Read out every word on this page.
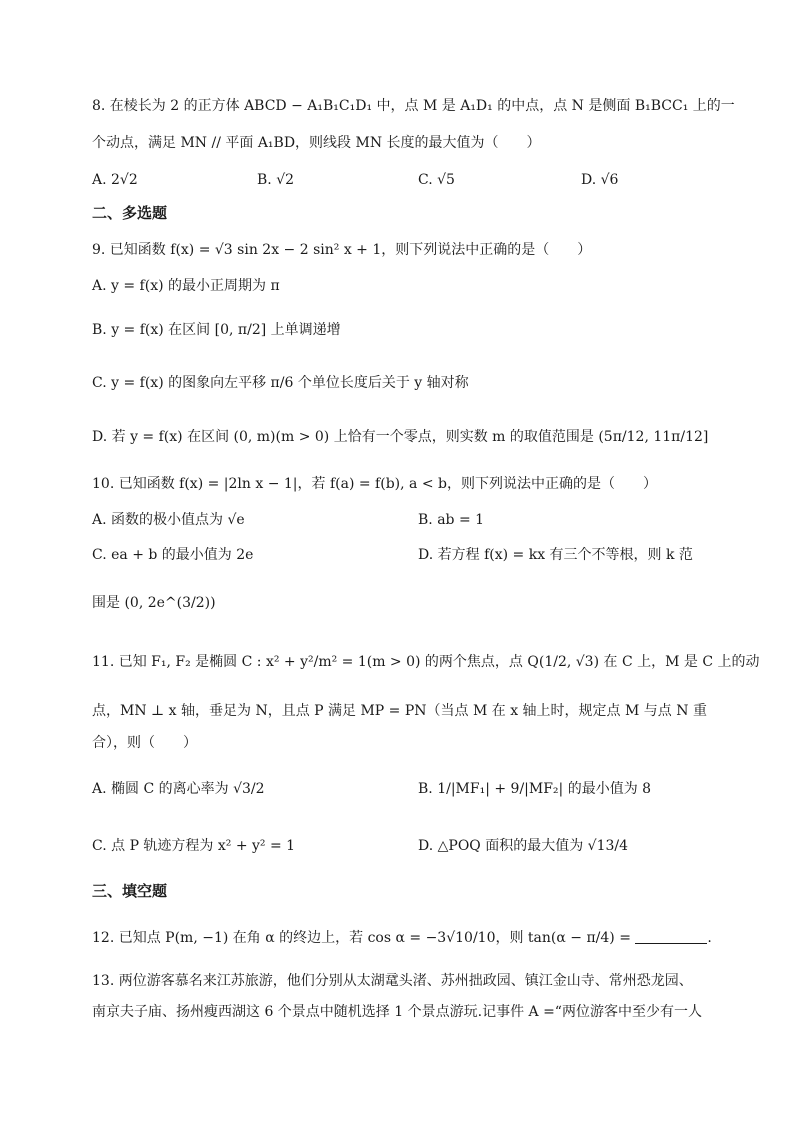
8. 在棱长为 2 的正方体 ABCD − A₁B₁C₁D₁ 中，点 M 是 A₁D₁ 的中点，点 N 是侧面 B₁BCC₁ 上的一
个动点，满足 MN // 平面 A₁BD，则线段 MN 长度的最大值为（　　）
A. 2√2	B. √2	C. √5	D. √6
二、多选题
9. 已知函数 f(x) = √3 sin 2x − 2 sin² x + 1，则下列说法中正确的是（　　）
A. y = f(x) 的最小正周期为 π
B. y = f(x) 在区间 [0, π/2] 上单调递增
C. y = f(x) 的图象向左平移 π/6 个单位长度后关于 y 轴对称
D. 若 y = f(x) 在区间 (0, m)(m > 0) 上恰有一个零点，则实数 m 的取值范围是 (5π/12, 11π/12]
10. 已知函数 f(x) = |2ln x − 1|，若 f(a) = f(b), a < b，则下列说法中正确的是（　　）
A. 函数的极小值点为 √e	B. ab = 1
C. ea + b 的最小值为 2e	D. 若方程 f(x) = kx 有三个不等根，则 k 范
围是 (0, 2e^(3/2))
11. 已知 F₁, F₂ 是椭圆 C : x² + y²/m² = 1(m > 0) 的两个焦点，点 Q(1/2, √3) 在 C 上，M 是 C 上的动
点，MN ⊥ x 轴，垂足为 N，且点 P 满足 MP = PN（当点 M 在 x 轴上时，规定点 M 与点 N 重
合），则（　　）
A. 椭圆 C 的离心率为 √3/2	B. 1/|MF₁| + 9/|MF₂| 的最小值为 8
C. 点 P 轨迹方程为 x² + y² = 1	D. △POQ 面积的最大值为 √13/4
三、填空题
12. 已知点 P(m, −1) 在角 α 的终边上，若 cos α = −3√10/10，则 tan(α − π/4) =	.
13. 两位游客慕名来江苏旅游，他们分别从太湖鼋头渚、苏州拙政园、镇江金山寺、常州恐龙园、
南京夫子庙、扬州瘦西湖这 6 个景点中随机选择 1 个景点游玩.记事件 A =“两位游客中至少有一人
